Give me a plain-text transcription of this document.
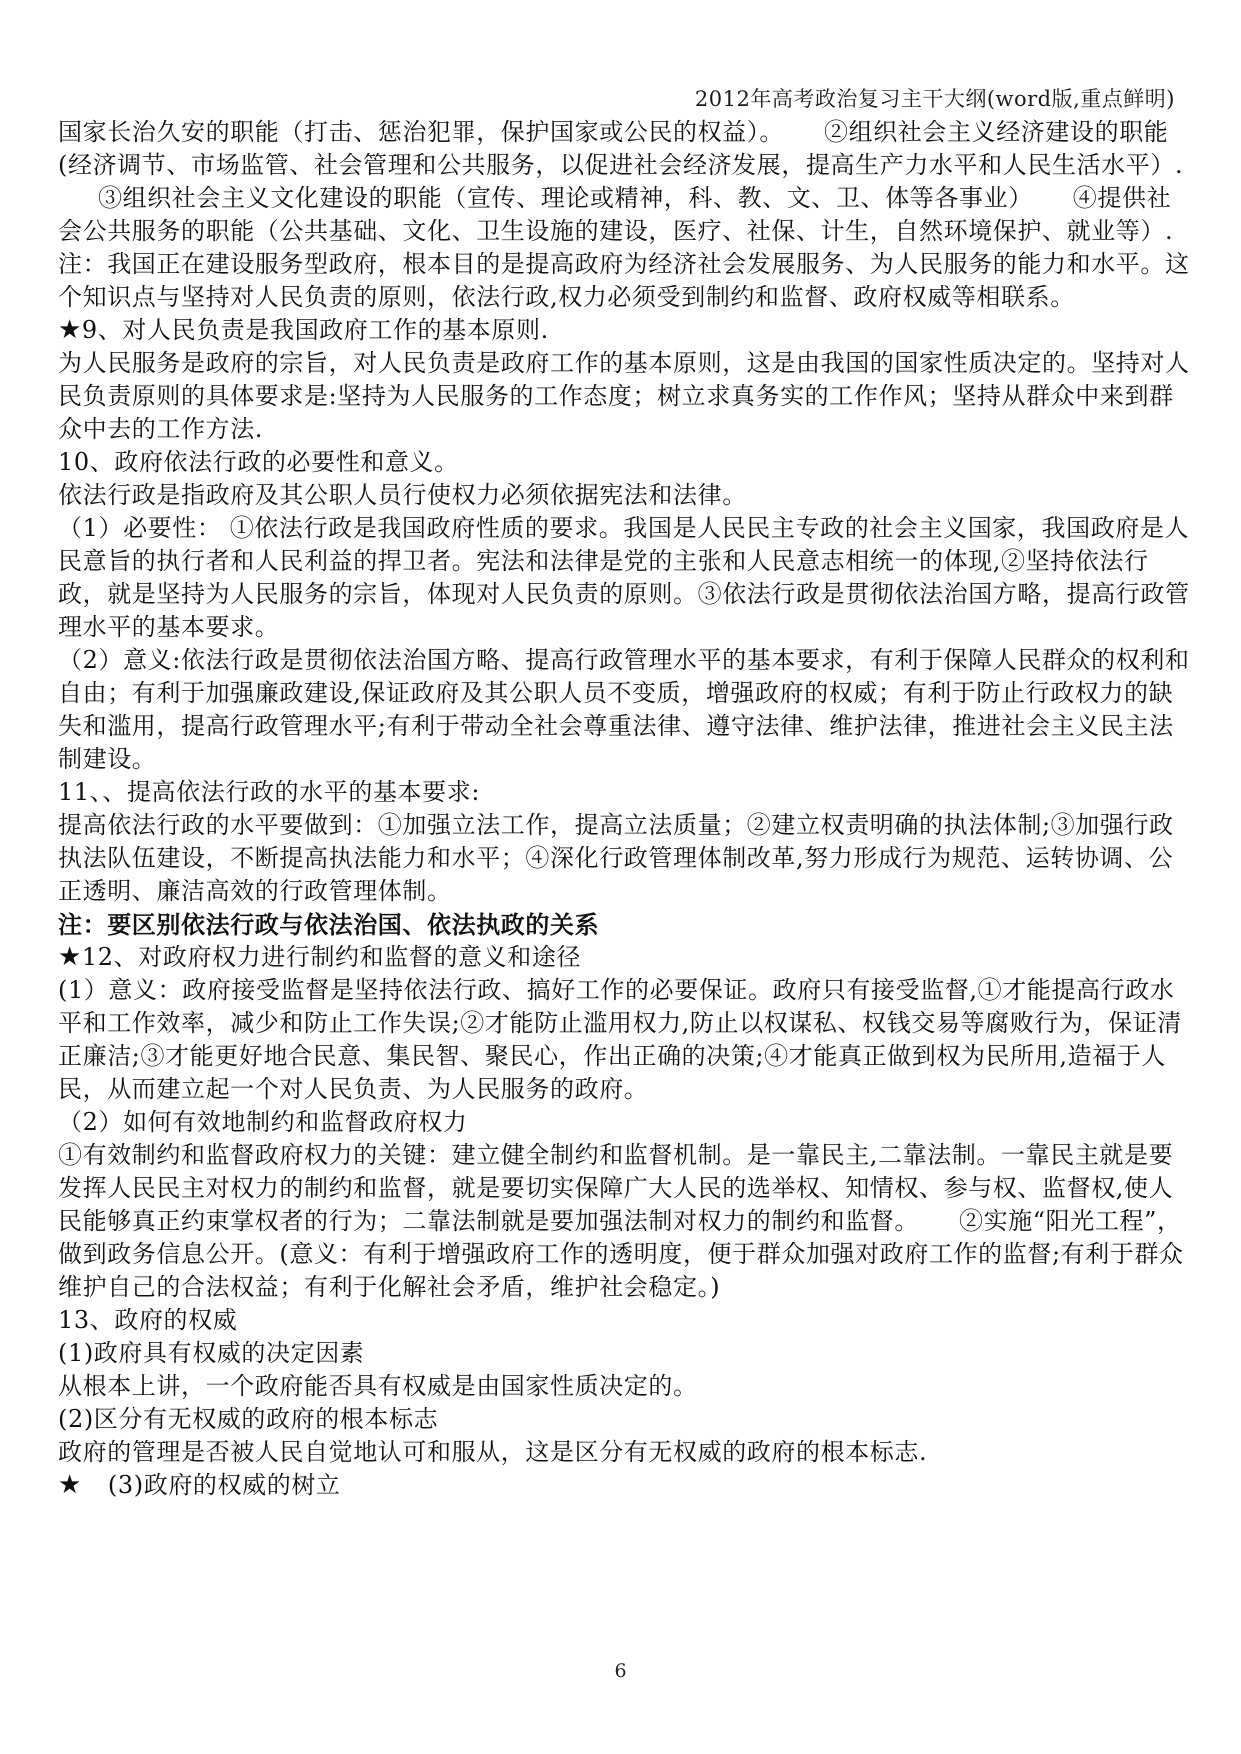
2012年高考政治复习主干大纲(word版,重点鲜明)

国家长治久安的职能（打击、惩治犯罪，保护国家或公民的权益）。 ②组织社会主义经济建设的职能(经济调节、市场监管、社会管理和公共服务，以促进社会经济发展，提高生产力水平和人民生活水平）.③组织社会主义文化建设的职能（宣传、理论或精神，科、教、文、卫、体等各事业） ④提供社会公共服务的职能（公共基础、文化、卫生设施的建设，医疗、社保、计生，自然环境保护、就业等）.

注：我国正在建设服务型政府，根本目的是提高政府为经济社会发展服务、为人民服务的能力和水平。这个知识点与坚持对人民负责的原则，依法行政,权力必须受到制约和监督、政府权威等相联系。

★9、对人民负责是我国政府工作的基本原则.

为人民服务是政府的宗旨，对人民负责是政府工作的基本原则，这是由我国的国家性质决定的。坚持对人民负责原则的具体要求是:坚持为人民服务的工作态度；树立求真务实的工作作风；坚持从群众中来到群众中去的工作方法.

10、政府依法行政的必要性和意义。

依法行政是指政府及其公职人员行使权力必须依据宪法和法律。

（1）必要性： ①依法行政是我国政府性质的要求。我国是人民民主专政的社会主义国家，我国政府是人民意旨的执行者和人民利益的捍卫者。宪法和法律是党的主张和人民意志相统一的体现,②坚持依法行政，就是坚持为人民服务的宗旨，体现对人民负责的原则。③依法行政是贯彻依法治国方略，提高行政管理水平的基本要求。

（2）意义:依法行政是贯彻依法治国方略、提高行政管理水平的基本要求，有利于保障人民群众的权利和自由；有利于加强廉政建设,保证政府及其公职人员不变质，增强政府的权威；有利于防止行政权力的缺失和滥用，提高行政管理水平;有利于带动全社会尊重法律、遵守法律、维护法律，推进社会主义民主法制建设。

11、、提高依法行政的水平的基本要求:

提高依法行政的水平要做到：①加强立法工作，提高立法质量；②建立权责明确的执法体制;③加强行政执法队伍建设，不断提高执法能力和水平；④深化行政管理体制改革,努力形成行为规范、运转协调、公正透明、廉洁高效的行政管理体制。

注：要区别依法行政与依法治国、依法执政的关系

★12、对政府权力进行制约和监督的意义和途径

(1）意义：政府接受监督是坚持依法行政、搞好工作的必要保证。政府只有接受监督,①才能提高行政水平和工作效率，减少和防止工作失误;②才能防止滥用权力,防止以权谋私、权钱交易等腐败行为，保证清正廉洁;③才能更好地合民意、集民智、聚民心，作出正确的决策;④才能真正做到权为民所用,造福于人民，从而建立起一个对人民负责、为人民服务的政府。

（2）如何有效地制约和监督政府权力

①有效制约和监督政府权力的关键：建立健全制约和监督机制。是一靠民主,二靠法制。一靠民主就是要发挥人民民主对权力的制约和监督，就是要切实保障广大人民的选举权、知情权、参与权、监督权,使人民能够真正约束掌权者的行为；二靠法制就是要加强法制对权力的制约和监督。 ②实施“阳光工程”，做到政务信息公开。(意义：有利于增强政府工作的透明度，便于群众加强对政府工作的监督;有利于群众维护自己的合法权益；有利于化解社会矛盾，维护社会稳定。)

13、政府的权威

(1)政府具有权威的决定因素

从根本上讲，一个政府能否具有权威是由国家性质决定的。

(2)区分有无权威的政府的根本标志

政府的管理是否被人民自觉地认可和服从，这是区分有无权威的政府的根本标志.

★ (3)政府的权威的树立

6
